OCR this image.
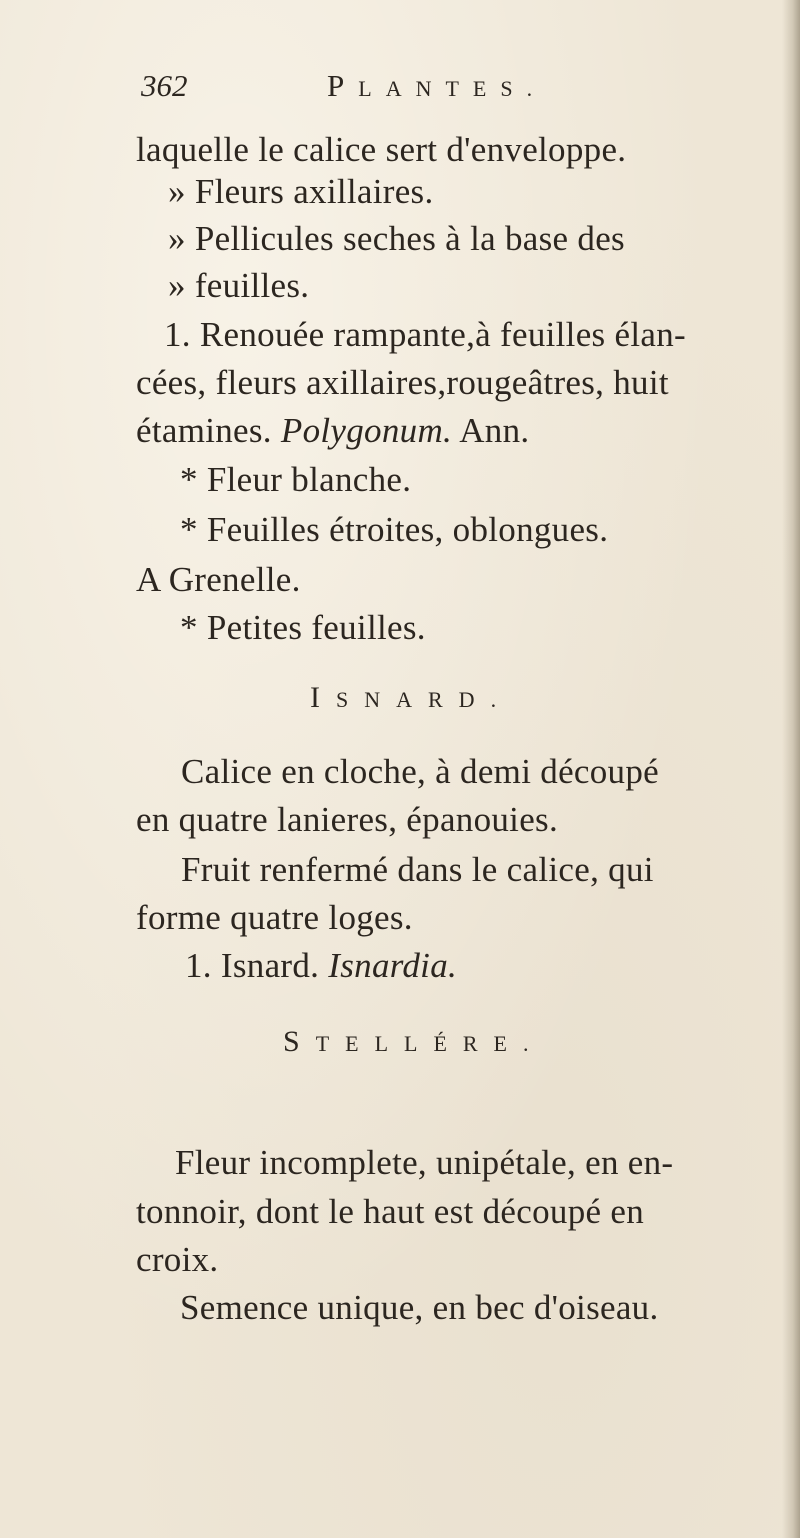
362	PLANTES.
laquelle le calice sert d'enveloppe.
» Fleurs axillaires.
» Pellicules seches à la base des
» feuilles.
1. Renouée rampante,à feuilles élan-
cées, fleurs axillaires,rougeâtres, huit
étamines. Polygonum. Ann.
* Fleur blanche.
* Feuilles étroites, oblongues.
A Grenelle.
* Petites feuilles.
ISNARD.
Calice en cloche, à demi découpé
en quatre lanieres, épanouies.
Fruit renfermé dans le calice, qui
forme quatre loges.
1. Isnard. Isnardia.
STELLÉRE.
Fleur incomplete, unipétale, en en-
tonnoir, dont le haut est découpé en
croix.
Semence unique, en bec d'oiseau.
